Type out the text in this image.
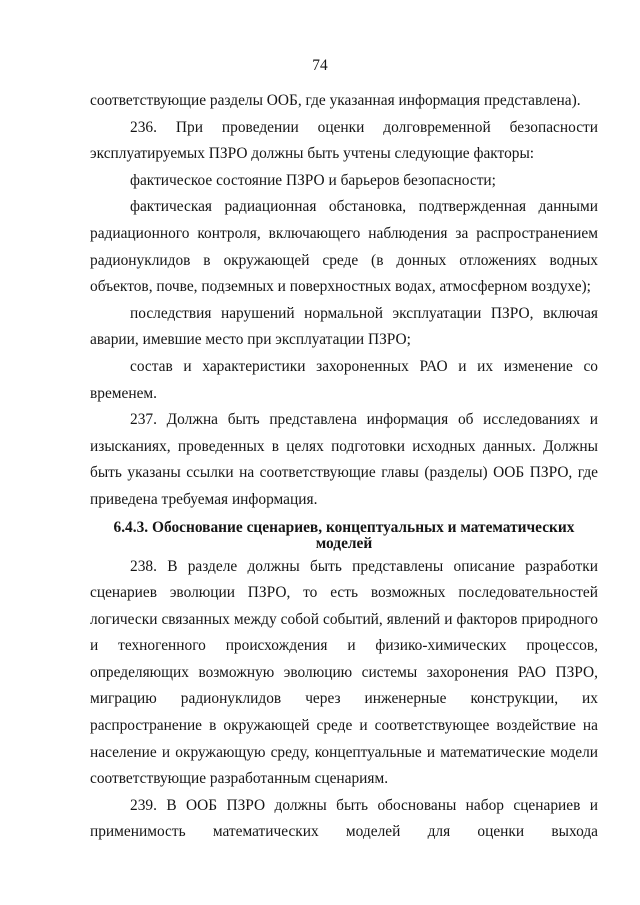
74

соответствующие разделы ООБ, где указанная информация представлена).

236. При проведении оценки долговременной безопасности эксплуатируемых ПЗРО должны быть учтены следующие факторы:

фактическое состояние ПЗРО и барьеров безопасности;

фактическая радиационная обстановка, подтвержденная данными радиационного контроля, включающего наблюдения за распространением радионуклидов в окружающей среде (в донных отложениях водных объектов, почве, подземных и поверхностных водах, атмосферном воздухе);

последствия нарушений нормальной эксплуатации ПЗРО, включая аварии, имевшие место при эксплуатации ПЗРО;

состав и характеристики захороненных РАО и их изменение со временем.

237. Должна быть представлена информация об исследованиях и изысканиях, проведенных в целях подготовки исходных данных. Должны быть указаны ссылки на соответствующие главы (разделы) ООБ ПЗРО, где приведена требуемая информация.

6.4.3. Обоснование сценариев, концептуальных и математических моделей

238. В разделе должны быть представлены описание разработки сценариев эволюции ПЗРО, то есть возможных последовательностей логически связанных между собой событий, явлений и факторов природного и техногенного происхождения и физико-химических процессов, определяющих возможную эволюцию системы захоронения РАО ПЗРО, миграцию радионуклидов через инженерные конструкции, их распространение в окружающей среде и соответствующее воздействие на население и окружающую среду, концептуальные и математические модели соответствующие разработанным сценариям.

239. В ООБ ПЗРО должны быть обоснованы набор сценариев и применимость математических моделей для оценки выхода
